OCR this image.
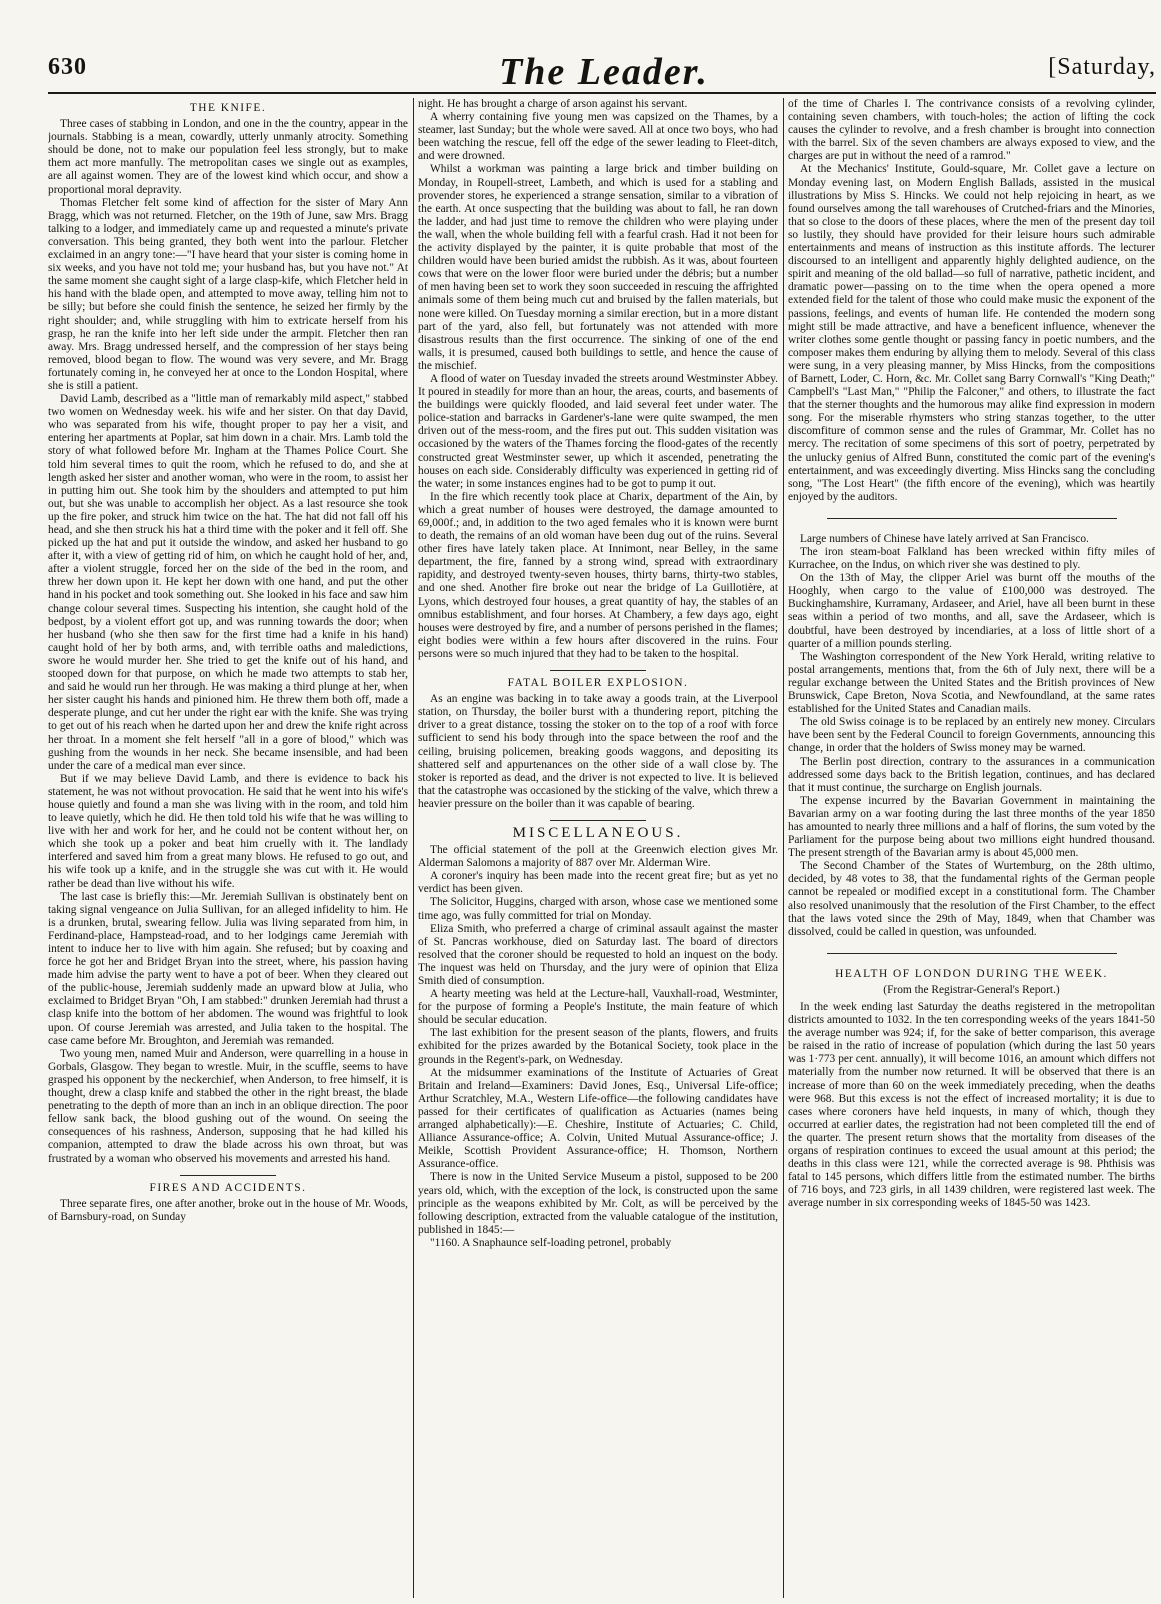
630	The Leader.	[Saturday,
THE KNIFE.

Three cases of stabbing in London, and one in the the country, appear in the journals. Stabbing is a mean, cowardly, utterly unmanly atrocity. Something should be done, not to make our population feel less strongly, but to make them act more manfully. The metropolitan cases we single out as examples, are all against women. They are of the lowest kind which occur, and show a proportional moral depravity.

Thomas Fletcher felt some kind of affection for the sister of Mary Ann Bragg, which was not returned. Fletcher, on the 19th of June, saw Mrs. Bragg talking to a lodger, and immediately came up and requested a minute's private conversation. This being granted, they both went into the parlour. Fletcher exclaimed in an angry tone:—"I have heard that your sister is coming home in six weeks, and you have not told me; your husband has, but you have not." At the same moment she caught sight of a large clasp-kife, which Fletcher held in his hand with the blade open, and attempted to move away, telling him not to be silly; but before she could finish the sentence, he seized her firmly by the right shoulder; and, while struggling with him to extricate herself from his grasp, he ran the knife into her left side under the armpit. Fletcher then ran away. Mrs. Bragg undressed herself, and the compression of her stays being removed, blood began to flow. The wound was very severe, and Mr. Bragg fortunately coming in, he conveyed her at once to the London Hospital, where she is still a patient.

David Lamb, described as a "little man of remarkably mild aspect," stabbed two women on Wednesday week. his wife and her sister. On that day David, who was separated from his wife, thought proper to pay her a visit, and entering her apartments at Poplar, sat him down in a chair. Mrs. Lamb told the story of what followed before Mr. Ingham at the Thames Police Court. She told him several times to quit the room, which he refused to do, and she at length asked her sister and another woman, who were in the room, to assist her in putting him out. She took him by the shoulders and attempted to put him out, but she was unable to accomplish her object. As a last resource she took up the fire poker, and struck him twice on the hat. The hat did not fall off his head, and she then struck his hat a third time with the poker and it fell off. She picked up the hat and put it outside the window, and asked her husband to go after it, with a view of getting rid of him, on which he caught hold of her, and, after a violent struggle, forced her on the side of the bed in the room, and threw her down upon it. He kept her down with one hand, and put the other hand in his pocket and took something out. She looked in his face and saw him change colour several times. Suspecting his intention, she caught hold of the bedpost, by a violent effort got up, and was running towards the door; when her husband (who she then saw for the first time had a knife in his hand) caught hold of her by both arms, and, with terrible oaths and maledictions, swore he would murder her. She tried to get the knife out of his hand, and stooped down for that purpose, on which he made two attempts to stab her, and said he would run her through. He was making a third plunge at her, when her sister caught his hands and pinioned him. He threw them both off, made a desperate plunge, and cut her under the right ear with the knife. She was trying to get out of his reach when he darted upon her and drew the knife right across her throat. In a moment she felt herself "all in a gore of blood," which was gushing from the wounds in her neck. She became insensible, and had been under the care of a medical man ever since.

But if we may believe David Lamb, and there is evidence to back his statement, he was not without provocation. He said that he went into his wife's house quietly and found a man she was living with in the room, and told him to leave quietly, which he did. He then told told his wife that he was willing to live with her and work for her, and he could not be content without her, on which she took up a poker and beat him cruelly with it. The landlady interfered and saved him from a great many blows. He refused to go out, and his wife took up a knife, and in the struggle she was cut with it. He would rather be dead than live without his wife.

The last case is briefly this:—Mr. Jeremiah Sullivan is obstinately bent on taking signal vengeance on Julia Sullivan, for an alleged infidelity to him. He is a drunken, brutal, swearing fellow. Julia was living separated from him, in Ferdinand-place, Hampstead-road, and to her lodgings came Jeremiah with intent to induce her to live with him again. She refused; but by coaxing and force he got her and Bridget Bryan into the street, where, his passion having made him advise the party went to have a pot of beer. When they cleared out of the public-house, Jeremiah suddenly made an upward blow at Julia, who exclaimed to Bridget Bryan "Oh, I am stabbed:" drunken Jeremiah had thrust a clasp knife into the bottom of her abdomen. The wound was frightful to look upon. Of course Jeremiah was arrested, and Julia taken to the hospital. The case came before Mr. Broughton, and Jeremiah was remanded.

Two young men, named Muir and Anderson, were quarrelling in a house in Gorbals, Glasgow. They began to wrestle. Muir, in the scuffle, seems to have grasped his opponent by the neckerchief, when Anderson, to free himself, it is thought, drew a clasp knife and stabbed the other in the right breast, the blade penetrating to the depth of more than an inch in an oblique direction. The poor fellow sank back, the blood gushing out of the wound. On seeing the consequences of his rashness, Anderson, supposing that he had killed his companion, attempted to draw the blade across his own throat, but was frustrated by a woman who observed his movements and arrested his hand.

FIRES AND ACCIDENTS.

Three separate fires, one after another, broke out in the house of Mr. Woods, of Barnsbury-road, on Sunday

night. He has brought a charge of arson against his servant.

A wherry containing five young men was capsized on the Thames, by a steamer, last Sunday; but the whole were saved. All at once two boys, who had been watching the rescue, fell off the edge of the sewer leading to Fleet-ditch, and were drowned.

Whilst a workman was painting a large brick and timber building on Monday, in Roupell-street, Lambeth, and which is used for a stabling and provender stores, he experienced a strange sensation, similar to a vibration of the earth. At once suspecting that the building was about to fall, he ran down the ladder, and had just time to remove the children who were playing under the wall, when the whole building fell with a fearful crash. Had it not been for the activity displayed by the painter, it is quite probable that most of the children would have been buried amidst the rubbish. As it was, about fourteen cows that were on the lower floor were buried under the débris; but a number of men having been set to work they soon succeeded in rescuing the affrighted animals some of them being much cut and bruised by the fallen materials, but none were killed. On Tuesday morning a similar erection, but in a more distant part of the yard, also fell, but fortunately was not attended with more disastrous results than the first occurrence. The sinking of one of the end walls, it is presumed, caused both buildings to settle, and hence the cause of the mischief.

A flood of water on Tuesday invaded the streets around Westminster Abbey. It poured in steadily for more than an hour, the areas, courts, and basements of the buildings were quickly flooded, and laid several feet under water. The police-station and barracks in Gardener's-lane were quite swamped, the men driven out of the mess-room, and the fires put out. This sudden visitation was occasioned by the waters of the Thames forcing the flood-gates of the recently constructed great Westminster sewer, up which it ascended, penetrating the houses on each side. Considerably difficulty was experienced in getting rid of the water; in some instances engines had to be got to pump it out.

In the fire which recently took place at Charix, department of the Ain, by which a great number of houses were destroyed, the damage amounted to 69,000f.; and, in addition to the two aged females who it is known were burnt to death, the remains of an old woman have been dug out of the ruins. Several other fires have lately taken place. At Innimont, near Belley, in the same department, the fire, fanned by a strong wind, spread with extraordinary rapidity, and destroyed twenty-seven houses, thirty barns, thirty-two stables, and one shed. Another fire broke out near the bridge of La Guillotière, at Lyons, which destroyed four houses, a great quantity of hay, the stables of an omnibus establishment, and four horses. At Chambery, a few days ago, eight houses were destroyed by fire, and a number of persons perished in the flames; eight bodies were within a few hours after discovered in the ruins. Four persons were so much injured that they had to be taken to the hospital.

FATAL BOILER EXPLOSION.

As an engine was backing in to take away a goods train, at the Liverpool station, on Thursday, the boiler burst with a thundering report, pitching the driver to a great distance, tossing the stoker on to the top of a roof with force sufficient to send his body through into the space between the roof and the ceiling, bruising policemen, breaking goods waggons, and depositing its shattered self and appurtenances on the other side of a wall close by. The stoker is reported as dead, and the driver is not expected to live. It is believed that the catastrophe was occasioned by the sticking of the valve, which threw a heavier pressure on the boiler than it was capable of bearing.

MISCELLANEOUS.

The official statement of the poll at the Greenwich election gives Mr. Alderman Salomons a majority of 887 over Mr. Alderman Wire.

A coroner's inquiry has been made into the recent great fire; but as yet no verdict has been given.

The Solicitor, Huggins, charged with arson, whose case we mentioned some time ago, was fully committed for trial on Monday.

Eliza Smith, who preferred a charge of criminal assault against the master of St. Pancras workhouse, died on Saturday last. The board of directors resolved that the coroner should be requested to hold an inquest on the body. The inquest was held on Thursday, and the jury were of opinion that Eliza Smith died of consumption.

A hearty meeting was held at the Lecture-hall, Vauxhall-road, Westminter, for the purpose of forming a People's Institute, the main feature of which should be secular education.

The last exhibition for the present season of the plants, flowers, and fruits exhibited for the prizes awarded by the Botanical Society, took place in the grounds in the Regent's-park, on Wednesday.

At the midsummer examinations of the Institute of Actuaries of Great Britain and Ireland—Examiners: David Jones, Esq., Universal Life-office; Arthur Scratchley, M.A., Western Life-office—the following candidates have passed for their certificates of qualification as Actuaries (names being arranged alphabetically):—E. Cheshire, Institute of Actuaries; C. Child, Alliance Assurance-office; A. Colvin, United Mutual Assurance-office; J. Meikle, Scottish Provident Assurance-office; H. Thomson, Northern Assurance-office.

There is now in the United Service Museum a pistol, supposed to be 200 years old, which, with the exception of the lock, is constructed upon the same principle as the weapons exhibited by Mr. Colt, as will be perceived by the following description, extracted from the valuable catalogue of the institution, published in 1845:—

"1160. A Snaphaunce self-loading petronel, probably

of the time of Charles I. The contrivance consists of a revolving cylinder, containing seven chambers, with touch-holes; the action of lifting the cock causes the cylinder to revolve, and a fresh chamber is brought into connection with the barrel. Six of the seven chambers are always exposed to view, and the charges are put in without the need of a ramrod."

At the Mechanics' Institute, Gould-square, Mr. Collet gave a lecture on Monday evening last, on Modern English Ballads, assisted in the musical illustrations by Miss S. Hincks. We could not help rejoicing in heart, as we found ourselves among the tall warehouses of Crutched-friars and the Minories, that so close to the doors of these places, where the men of the present day toil so lustily, they should have provided for their leisure hours such admirable entertainments and means of instruction as this institute affords. The lecturer discoursed to an intelligent and apparently highly delighted audience, on the spirit and meaning of the old ballad—so full of narrative, pathetic incident, and dramatic power—passing on to the time when the opera opened a more extended field for the talent of those who could make music the exponent of the passions, feelings, and events of human life. He contended the modern song might still be made attractive, and have a beneficent influence, whenever the writer clothes some gentle thought or passing fancy in poetic numbers, and the composer makes them enduring by allying them to melody. Several of this class were sung, in a very pleasing manner, by Miss Hincks, from the compositions of Barnett, Loder, C. Horn, &c. Mr. Collet sang Barry Cornwall's "King Death;" Campbell's "Last Man," "Philip the Falconer," and others, to illustrate the fact that the sterner thoughts and the humorous may alike find expression in modern song. For the miserable rhymsters who string stanzas together, to the utter discomfiture of common sense and the rules of Grammar, Mr. Collet has no mercy. The recitation of some specimens of this sort of poetry, perpetrated by the unlucky genius of Alfred Bunn, constituted the comic part of the evening's entertainment, and was exceedingly diverting. Miss Hincks sang the concluding song, "The Lost Heart" (the fifth encore of the evening), which was heartily enjoyed by the auditors.

Large numbers of Chinese have lately arrived at San Francisco.

The iron steam-boat Falkland has been wrecked within fifty miles of Kurrachee, on the Indus, on which river she was destined to ply.

On the 13th of May, the clipper Ariel was burnt off the mouths of the Hooghly, when cargo to the value of £100,000 was destroyed. The Buckinghamshire, Kurramany, Ardaseer, and Ariel, have all been burnt in these seas within a period of two months, and all, save the Ardaseer, which is doubtful, have been destroyed by incendiaries, at a loss of little short of a quarter of a million pounds sterling.

The Washington correspondent of the New York Herald, writing relative to postal arrangements, mentions that, from the 6th of July next, there will be a regular exchange between the United States and the British provinces of New Brunswick, Cape Breton, Nova Scotia, and Newfoundland, at the same rates established for the United States and Canadian mails.

The old Swiss coinage is to be replaced by an entirely new money. Circulars have been sent by the Federal Council to foreign Governments, announcing this change, in order that the holders of Swiss money may be warned.

The Berlin post direction, contrary to the assurances in a communication addressed some days back to the British legation, continues, and has declared that it must continue, the surcharge on English journals.

The expense incurred by the Bavarian Government in maintaining the Bavarian army on a war footing during the last three months of the year 1850 has amounted to nearly three millions and a half of florins, the sum voted by the Parliament for the purpose being about two millions eight hundred thousand. The present strength of the Bavarian army is about 45,000 men.

The Second Chamber of the States of Wurtemburg, on the 28th ultimo, decided, by 48 votes to 38, that the fundamental rights of the German people cannot be repealed or modified except in a constitutional form. The Chamber also resolved unanimously that the resolution of the First Chamber, to the effect that the laws voted since the 29th of May, 1849, when that Chamber was dissolved, could be called in question, was unfounded.

HEALTH OF LONDON DURING THE WEEK.
(From the Registrar-General's Report.)

In the week ending last Saturday the deaths registered in the metropolitan districts amounted to 1032. In the ten corresponding weeks of the years 1841-50 the average number was 924; if, for the sake of better comparison, this average be raised in the ratio of increase of population (which during the last 50 years was 1·773 per cent. annually), it will become 1016, an amount which differs not materially from the number now returned. It will be observed that there is an increase of more than 60 on the week immediately preceding, when the deaths were 968. But this excess is not the effect of increased mortality; it is due to cases where coroners have held inquests, in many of which, though they occurred at earlier dates, the registration had not been completed till the end of the quarter. The present return shows that the mortality from diseases of the organs of respiration continues to exceed the usual amount at this period; the deaths in this class were 121, while the corrected average is 98. Phthisis was fatal to 145 persons, which differs little from the estimated number. The births of 716 boys, and 723 girls, in all 1439 children, were registered last week. The average number in six corresponding weeks of 1845-50 was 1423.
